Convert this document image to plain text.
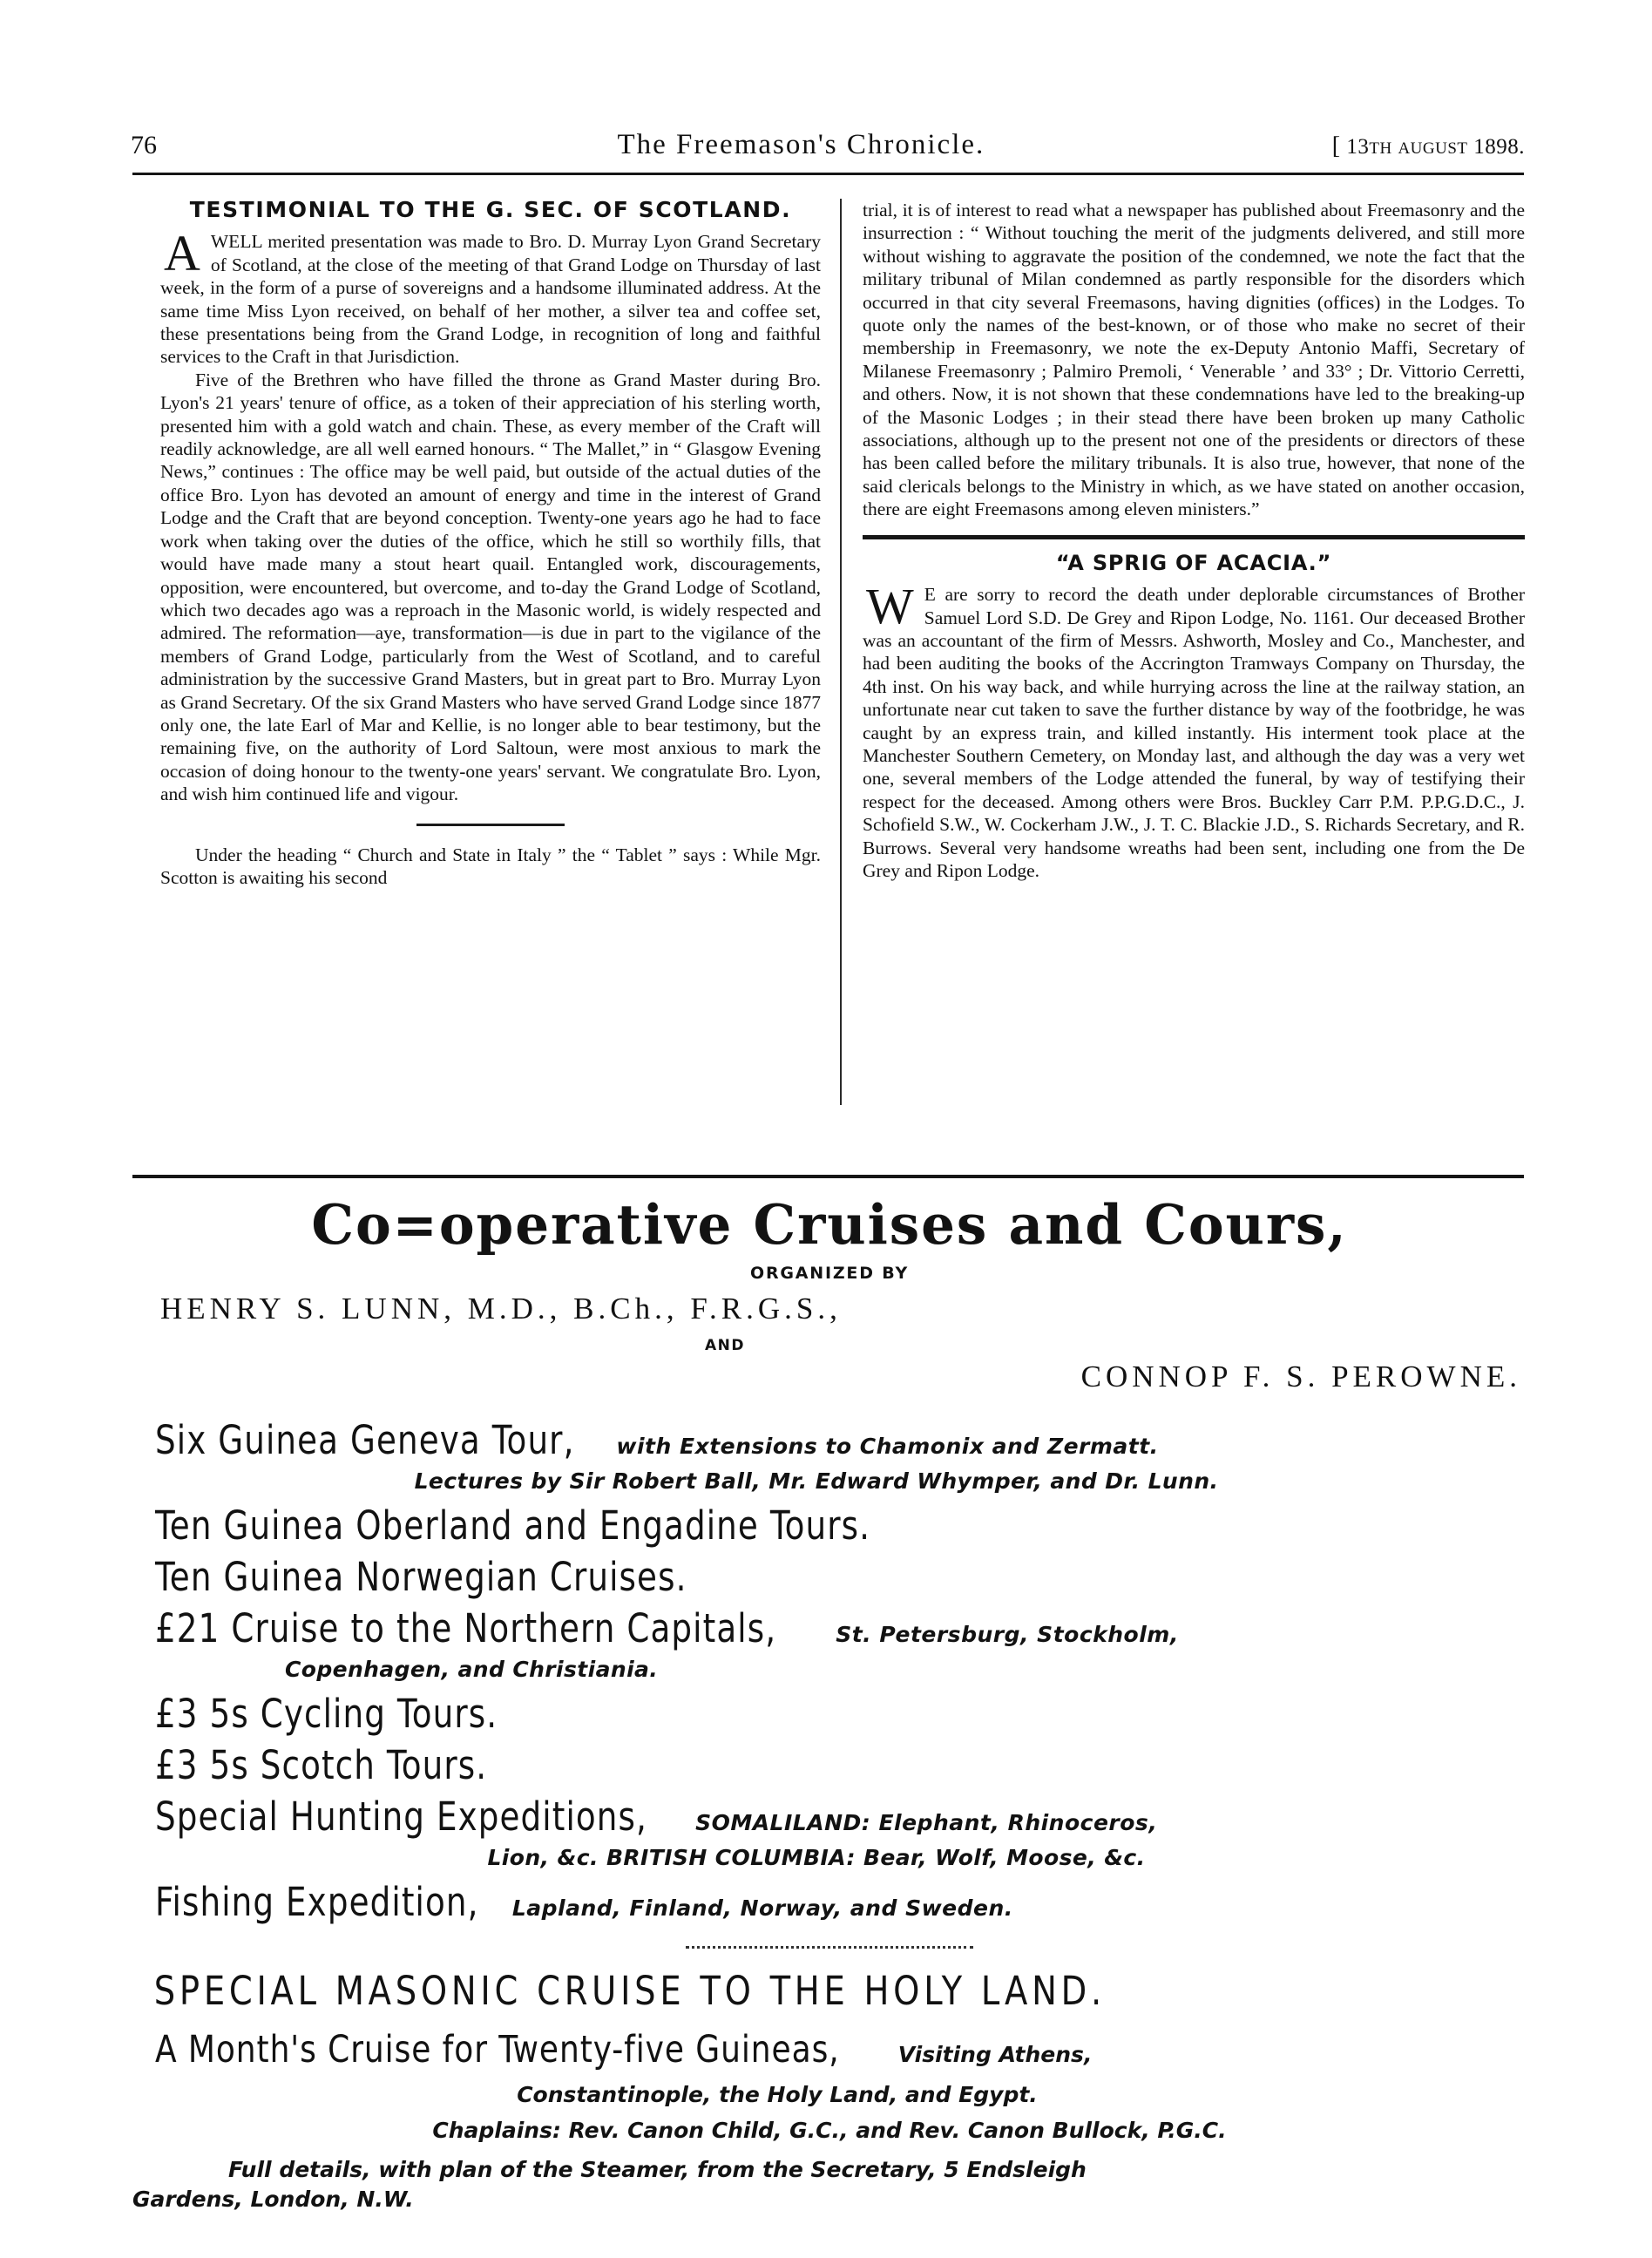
76	The Freemason's Chronicle.	[ 13TH AUGUST 1898.
TESTIMONIAL TO THE G. SEC. OF SCOTLAND.
A WELL merited presentation was made to Bro. D. Murray Lyon Grand Secretary of Scotland, at the close of the meeting of that Grand Lodge on Thursday of last week, in the form of a purse of sovereigns and a handsome illuminated address. At the same time Miss Lyon received, on behalf of her mother, a silver tea and coffee set, these presentations being from the Grand Lodge, in recognition of long and faithful services to the Craft in that Jurisdiction.

Five of the Brethren who have filled the throne as Grand Master during Bro. Lyon's 21 years' tenure of office, as a token of their appreciation of his sterling worth, presented him with a gold watch and chain. These, as every member of the Craft will readily acknowledge, are all well earned honours. “ The Mallet,” in “ Glasgow Evening News,” continues : The office may be well paid, but outside of the actual duties of the office Bro. Lyon has devoted an amount of energy and time in the interest of Grand Lodge and the Craft that are beyond conception. Twenty-one years ago he had to face work when taking over the duties of the office, which he still so worthily fills, that would have made many a stout heart quail. Entangled work, discouragements, opposition, were encountered, but overcome, and to-day the Grand Lodge of Scotland, which two decades ago was a reproach in the Masonic world, is widely respected and admired. The reformation—aye, transformation—is due in part to the vigilance of the members of Grand Lodge, particularly from the West of Scotland, and to careful administration by the successive Grand Masters, but in great part to Bro. Murray Lyon as Grand Secretary. Of the six Grand Masters who have served Grand Lodge since 1877 only one, the late Earl of Mar and Kellie, is no longer able to bear testimony, but the remaining five, on the authority of Lord Saltoun, were most anxious to mark the occasion of doing honour to the twenty-one years' servant. We congratulate Bro. Lyon, and wish him continued life and vigour.

Under the heading “ Church and State in Italy ” the “ Tablet ” says : While Mgr. Scotton is awaiting his second

trial, it is of interest to read what a newspaper has published about Freemasonry and the insurrection : “ Without touching the merit of the judgments delivered, and still more without wishing to aggravate the position of the condemned, we note the fact that the military tribunal of Milan condemned as partly responsible for the disorders which occurred in that city several Freemasons, having dignities (offices) in the Lodges. To quote only the names of the best-known, or of those who make no secret of their membership in Freemasonry, we note the ex-Deputy Antonio Maffi, Secretary of Milanese Freemasonry ; Palmiro Premoli, ‘ Venerable ’ and 33° ; Dr. Vittorio Cerretti, and others. Now, it is not shown that these condemnations have led to the breaking-up of the Masonic Lodges ; in their stead there have been broken up many Catholic associations, although up to the present not one of the presidents or directors of these has been called before the military tribunals. It is also true, however, that none of the said clericals belongs to the Ministry in which, as we have stated on another occasion, there are eight Freemasons among eleven ministers.”

“A SPRIG OF ACACIA.”
W E are sorry to record the death under deplorable circumstances of Brother Samuel Lord S.D. De Grey and Ripon Lodge, No. 1161. Our deceased Brother was an accountant of the firm of Messrs. Ashworth, Mosley and Co., Manchester, and had been auditing the books of the Accrington Tramways Company on Thursday, the 4th inst. On his way back, and while hurrying across the line at the railway station, an unfortunate near cut taken to save the further distance by way of the footbridge, he was caught by an express train, and killed instantly. His interment took place at the Manchester Southern Cemetery, on Monday last, and although the day was a very wet one, several members of the Lodge attended the funeral, by way of testifying their respect for the deceased. Among others were Bros. Buckley Carr P.M. P.P.G.D.C., J. Schofield S.W., W. Cockerham J.W., J. T. C. Blackie J.D., S. Richards Secretary, and R. Burrows. Several very handsome wreaths had been sent, including one from the De Grey and Ripon Lodge.

Co=operative Cruises and Cours,
ORGANIZED BY
HENRY S. LUNN, M.D., B.Ch., F.R.G.S.,
AND
CONNOP F. S. PEROWNE.
Six Guinea Geneva Tour, with Extensions to Chamonix and Zermatt.
Lectures by Sir Robert Ball, Mr. Edward Whymper, and Dr. Lunn.
Ten Guinea Oberland and Engadine Tours.
Ten Guinea Norwegian Cruises.
£21 Cruise to the Northern Capitals,	St. Petersburg, Stockholm,
Copenhagen, and Christiania.
£3 5s Cycling Tours.
£3 5s Scotch Tours.
Special Hunting Expeditions, SOMALILAND: Elephant, Rhinoceros,
Lion, &c. BRITISH COLUMBIA: Bear, Wolf, Moose, &c.
Fishing Expedition, Lapland, Finland, Norway, and Sweden.
SPECIAL MASONIC CRUISE TO THE HOLY LAND.
A Month's Cruise for Twenty-five Guineas,	Visiting Athens,
Constantinople, the Holy Land, and Egypt.
Chaplains: Rev. Canon Child, G.C., and Rev. Canon Bullock, P.G.C.
Full details, with plan of the Steamer, from the Secretary, 5 Endsleigh
Gardens, London, N.W.
